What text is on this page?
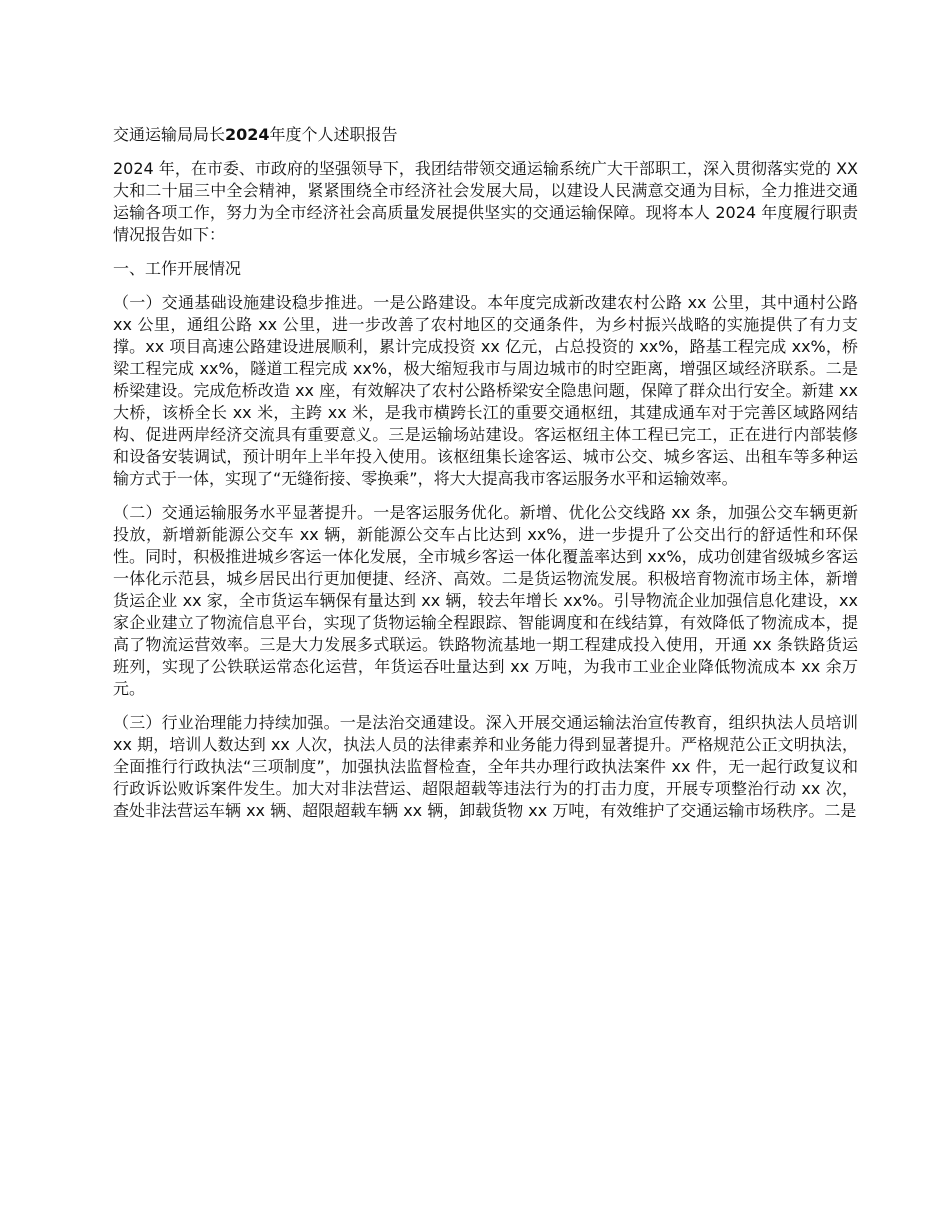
交通运输局局长2024年度个人述职报告

2024 年，在市委、市政府的坚强领导下，我团结带领交通运输系统广大干部职工，深入贯彻落实党的 XX 大和二十届三中全会精神，紧紧围绕全市经济社会发展大局，以建设人民满意交通为目标，全力推进交通运输各项工作，努力为全市经济社会高质量发展提供坚实的交通运输保障。现将本人 2024 年度履行职责情况报告如下：

一、工作开展情况

（一）交通基础设施建设稳步推进。一是公路建设。本年度完成新改建农村公路 xx 公里，其中通村公路 xx 公里，通组公路 xx 公里，进一步改善了农村地区的交通条件，为乡村振兴战略的实施提供了有力支撑。xx 项目高速公路建设进展顺利，累计完成投资 xx 亿元，占总投资的 xx%，路基工程完成 xx%，桥梁工程完成 xx%，隧道工程完成 xx%，极大缩短我市与周边城市的时空距离，增强区域经济联系。二是桥梁建设。完成危桥改造 xx 座，有效解决了农村公路桥梁安全隐患问题，保障了群众出行安全。新建 xx 大桥，该桥全长 xx 米，主跨 xx 米，是我市横跨长江的重要交通枢纽，其建成通车对于完善区域路网结构、促进两岸经济交流具有重要意义。三是运输场站建设。客运枢纽主体工程已完工，正在进行内部装修和设备安装调试，预计明年上半年投入使用。该枢纽集长途客运、城市公交、城乡客运、出租车等多种运输方式于一体，实现了“无缝衔接、零换乘”，将大大提高我市客运服务水平和运输效率。

（二）交通运输服务水平显著提升。一是客运服务优化。新增、优化公交线路 xx 条，加强公交车辆更新投放，新增新能源公交车 xx 辆，新能源公交车占比达到 xx%，进一步提升了公交出行的舒适性和环保性。同时，积极推进城乡客运一体化发展，全市城乡客运一体化覆盖率达到 xx%，成功创建省级城乡客运一体化示范县，城乡居民出行更加便捷、经济、高效。二是货运物流发展。积极培育物流市场主体，新增货运企业 xx 家，全市货运车辆保有量达到 xx 辆，较去年增长 xx%。引导物流企业加强信息化建设，xx 家企业建立了物流信息平台，实现了货物运输全程跟踪、智能调度和在线结算，有效降低了物流成本，提高了物流运营效率。三是大力发展多式联运。铁路物流基地一期工程建成投入使用，开通 xx 条铁路货运班列，实现了公铁联运常态化运营，年货运吞吐量达到 xx 万吨，为我市工业企业降低物流成本 xx 余万元。

（三）行业治理能力持续加强。一是法治交通建设。深入开展交通运输法治宣传教育，组织执法人员培训 xx 期，培训人数达到 xx 人次，执法人员的法律素养和业务能力得到显著提升。严格规范公正文明执法，全面推行行政执法“三项制度”，加强执法监督检查，全年共办理行政执法案件 xx 件，无一起行政复议和行政诉讼败诉案件发生。加大对非法营运、超限超载等违法行为的打击力度，开展专项整治行动 xx 次，查处非法营运车辆 xx 辆、超限超载车辆 xx 辆，卸载货物 xx 万吨，有效维护了交通运输市场秩序。二是
